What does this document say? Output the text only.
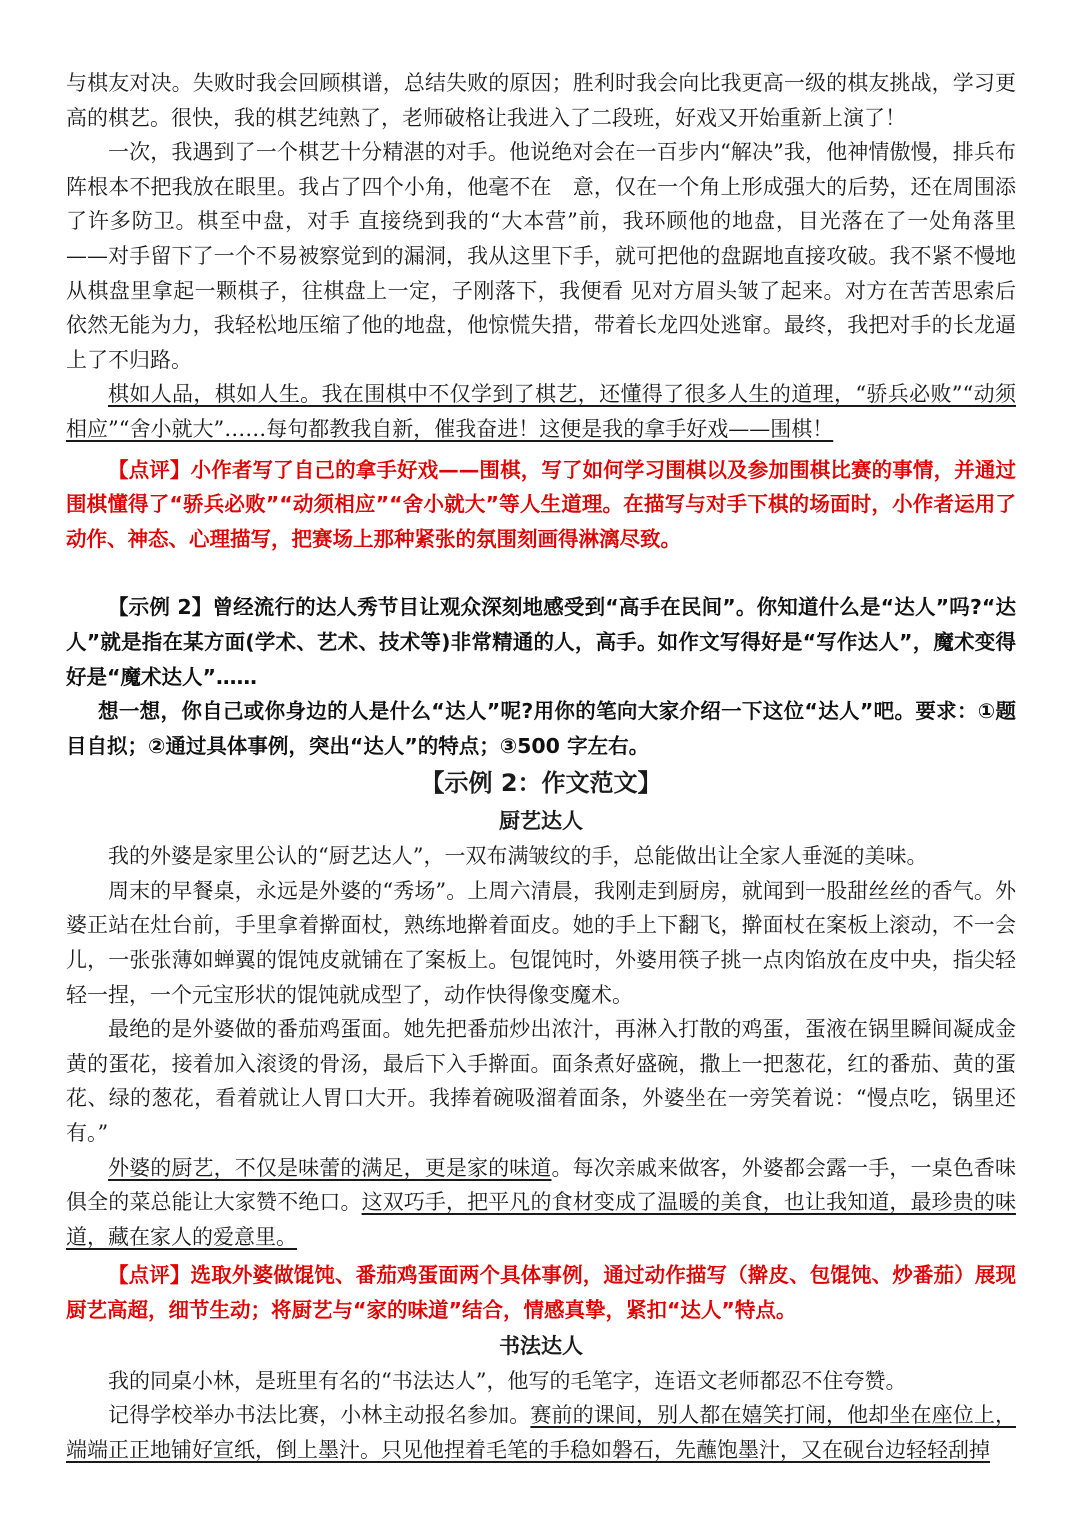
与棋友对决。失败时我会回顾棋谱，总结失败的原因；胜利时我会向比我更高一级的棋友挑战，学习更高的棋艺。很快，我的棋艺纯熟了，老师破格让我进入了二段班，好戏又开始重新上演了！

一次，我遇到了一个棋艺十分精湛的对手。他说绝对会在一百步内“解决”我，他神情傲慢，排兵布阵根本不把我放在眼里。我占了四个小角，他毫不在　意，仅在一个角上形成强大的后势，还在周围添了许多防卫。棋至中盘，对手 直接绕到我的“大本营”前，我环顾他的地盘，目光落在了一处角落里——对手留下了一个不易被察觉到的漏洞，我从这里下手，就可把他的盘踞地直接攻破。我不紧不慢地从棋盘里拿起一颗棋子，往棋盘上一定，子刚落下，我便看 见对方眉头皱了起来。对方在苦苦思索后依然无能为力，我轻松地压缩了他的地盘，他惊慌失措，带着长龙四处逃窜。最终，我把对手的长龙逼上了不归路。

棋如人品，棋如人生。我在围棋中不仅学到了棋艺，还懂得了很多人生的道理，“骄兵必败”“动须相应”“舍小就大”……每句都教我自新，催我奋进！这便是我的拿手好戏——围棋！

【点评】小作者写了自己的拿手好戏——围棋，写了如何学习围棋以及参加围棋比赛的事情，并通过围棋懂得了“骄兵必败”“动须相应”“舍小就大”等人生道理。在描写与对手下棋的场面时，小作者运用了动作、神态、心理描写，把赛场上那种紧张的氛围刻画得淋漓尽致。

【示例 2】曾经流行的达人秀节目让观众深刻地感受到“高手在民间”。你知道什么是“达人”吗?“达人”就是指在某方面(学术、艺术、技术等)非常精通的人，高手。如作文写得好是“写作达人”，魔术变得好是“魔术达人”……

想一想，你自己或你身边的人是什么“达人”呢?用你的笔向大家介绍一下这位“达人”吧。要求：①题目自拟；②通过具体事例，突出“达人”的特点；③500 字左右。

【示例 2：作文范文】

厨艺达人

我的外婆是家里公认的“厨艺达人”，一双布满皱纹的手，总能做出让全家人垂涎的美味。

周末的早餐桌，永远是外婆的“秀场”。上周六清晨，我刚走到厨房，就闻到一股甜丝丝的香气。外婆正站在灶台前，手里拿着擀面杖，熟练地擀着面皮。她的手上下翻飞，擀面杖在案板上滚动，不一会儿，一张张薄如蝉翼的馄饨皮就铺在了案板上。包馄饨时，外婆用筷子挑一点肉馅放在皮中央，指尖轻轻一捏，一个元宝形状的馄饨就成型了，动作快得像变魔术。

最绝的是外婆做的番茄鸡蛋面。她先把番茄炒出浓汁，再淋入打散的鸡蛋，蛋液在锅里瞬间凝成金黄的蛋花，接着加入滚烫的骨汤，最后下入手擀面。面条煮好盛碗，撒上一把葱花，红的番茄、黄的蛋花、绿的葱花，看着就让人胃口大开。我捧着碗吸溜着面条，外婆坐在一旁笑着说：“慢点吃，锅里还有。”

外婆的厨艺，不仅是味蕾的满足，更是家的味道。每次亲戚来做客，外婆都会露一手，一桌色香味俱全的菜总能让大家赞不绝口。这双巧手，把平凡的食材变成了温暖的美食，也让我知道，最珍贵的味道，藏在家人的爱意里。

【点评】选取外婆做馄饨、番茄鸡蛋面两个具体事例，通过动作描写（擀皮、包馄饨、炒番茄）展现厨艺高超，细节生动；将厨艺与“家的味道”结合，情感真挚，紧扣“达人”特点。

书法达人

我的同桌小林，是班里有名的“书法达人”，他写的毛笔字，连语文老师都忍不住夸赞。

记得学校举办书法比赛，小林主动报名参加。赛前的课间，别人都在嬉笑打闹，他却坐在座位上，端端正正地铺好宣纸，倒上墨汁。只见他捏着毛笔的手稳如磐石，先蘸饱墨汁，又在砚台边轻轻刮掉
